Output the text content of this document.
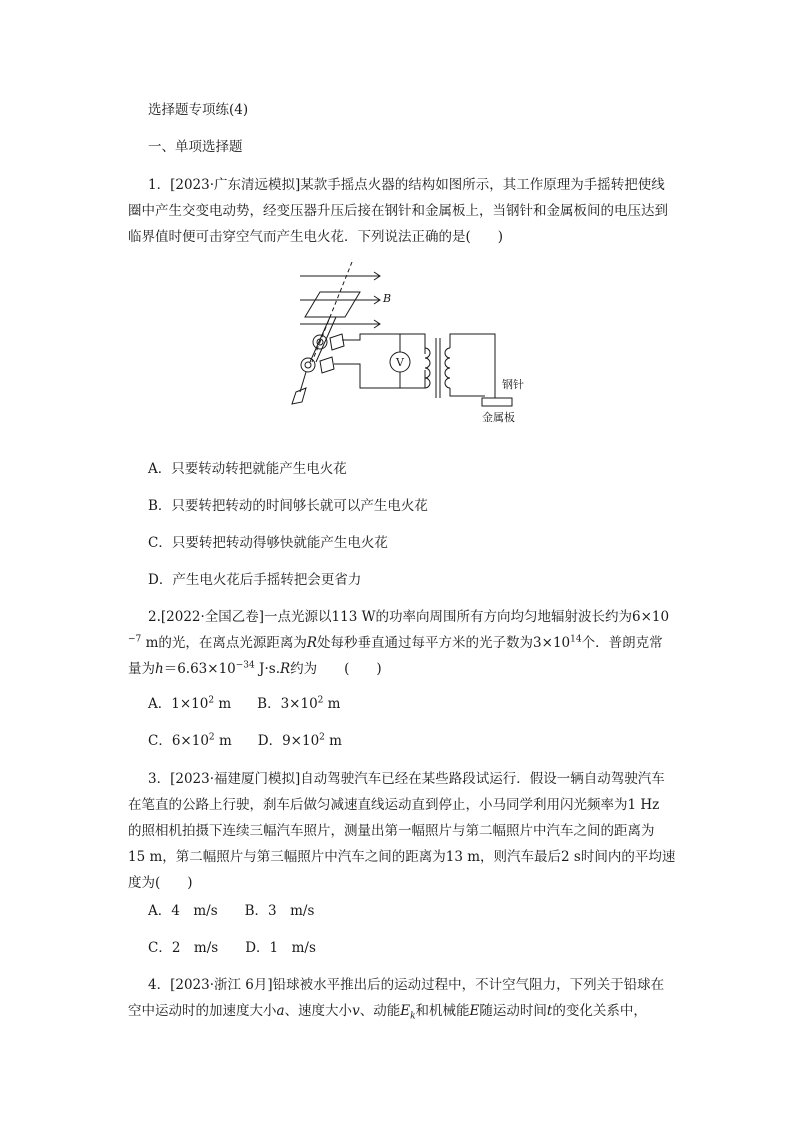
选择题专项练(4)
一、单项选择题
1．[2023·广东清远模拟]某款手摇点火器的结构如图所示，其工作原理为手摇转把使线
圈中产生交变电动势，经变压器升压后接在钢针和金属板上，当钢针和金属板间的电压达到
临界值时便可击穿空气而产生电火花．下列说法正确的是(　　)
B
V
钢针
金属板
A．只要转动转把就能产生电火花
B．只要转把转动的时间够长就可以产生电火花
C．只要转把转动得够快就能产生电火花
D．产生电火花后手摇转把会更省力
2.[2022·全国乙卷]一点光源以113 W的功率向周围所有方向均匀地辐射波长约为6×10
$^{-7}$ m的光，在离点光源距离为R处每秒垂直通过每平方米的光子数为$3\times 10^{14}$个．普朗克常
量为$h=6.63\times 10^{-34}$ J·s.R约为　　(　　)
A．$1\times 10^2$ m B．$3\times 10^2$ m
C．$6\times 10^2$ m D．$9\times 10^2$ m
3．[2023·福建厦门模拟]自动驾驶汽车已经在某些路段试运行．假设一辆自动驾驶汽车
在笔直的公路上行驶，刹车后做匀减速直线运动直到停止，小马同学利用闪光频率为1 Hz
的照相机拍摄下连续三幅汽车照片，测量出第一幅照片与第二幅照片中汽车之间的距离为
15 m，第二幅照片与第三幅照片中汽车之间的距离为13 m，则汽车最后2 s时间内的平均速
度为(　　)
A．4　m/s　　B．3　m/s
C．2　m/s　　D．1　m/s
4．[2023·浙江 6月]铅球被水平推出后的运动过程中，不计空气阻力，下列关于铅球在
空中运动时的加速度大小a、速度大小v、动能$E_k$和机械能E随运动时间t的变化关系中，
